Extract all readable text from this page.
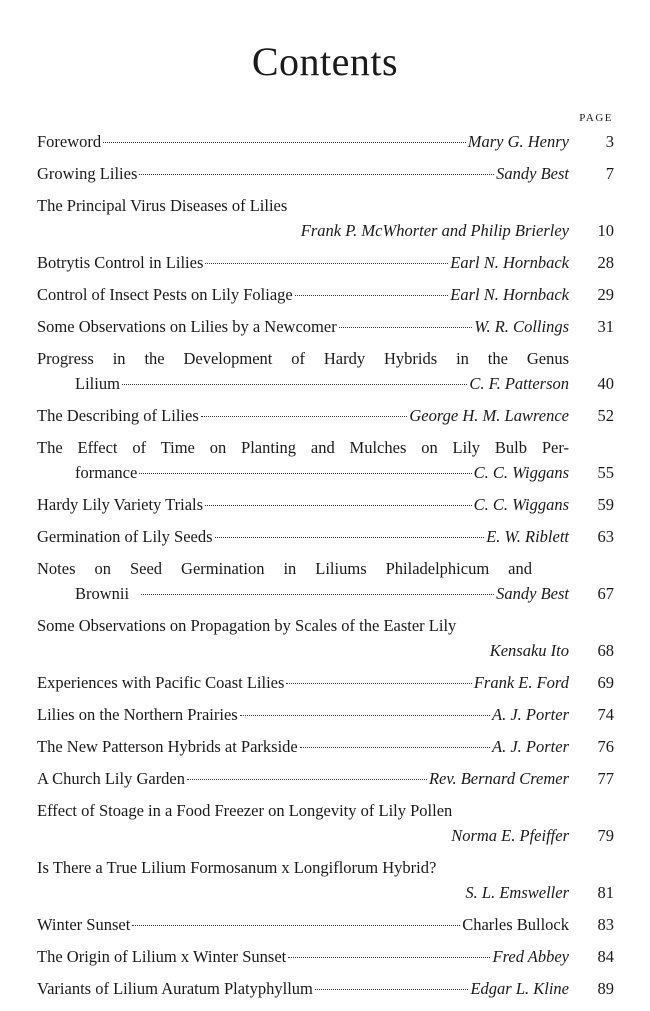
Contents
PAGE
Foreword	Mary G. Henry	3
Growing Lilies	Sandy Best	7
The Principal Virus Diseases of Lilies
Frank P. McWhorter and Philip Brierley	10
Botrytis Control in Lilies	Earl N. Hornback	28
Control of Insect Pests on Lily Foliage	Earl N. Hornback	29
Some Observations on Lilies by a Newcomer	W. R. Collings	31
Progress in the Development of Hardy Hybrids in the Genus
Lilium	C. F. Patterson	40
The Describing of Lilies	George H. M. Lawrence	52
The Effect of Time on Planting and Mulches on Lily Bulb Per-
formance	C. C. Wiggans	55
Hardy Lily Variety Trials	C. C. Wiggans	59
Germination of Lily Seeds	E. W. Riblett	63
Notes on Seed Germination in Liliums Philadelphicum and
Brownii	Sandy Best	67
Some Observations on Propagation by Scales of the Easter Lily
Kensaku Ito	68
Experiences with Pacific Coast Lilies	Frank E. Ford	69
Lilies on the Northern Prairies	A. J. Porter	74
The New Patterson Hybrids at Parkside	A. J. Porter	76
A Church Lily Garden	Rev. Bernard Cremer	77
Effect of Stoage in a Food Freezer on Longevity of Lily Pollen
Norma E. Pfeiffer	79
Is There a True Lilium Formosanum x Longiflorum Hybrid?
S. L. Emsweller	81
Winter Sunset	Charles Bullock	83
The Origin of Lilium x Winter Sunset	Fred Abbey	84
Variants of Lilium Auratum Platyphyllum	Edgar L. Kline	89
